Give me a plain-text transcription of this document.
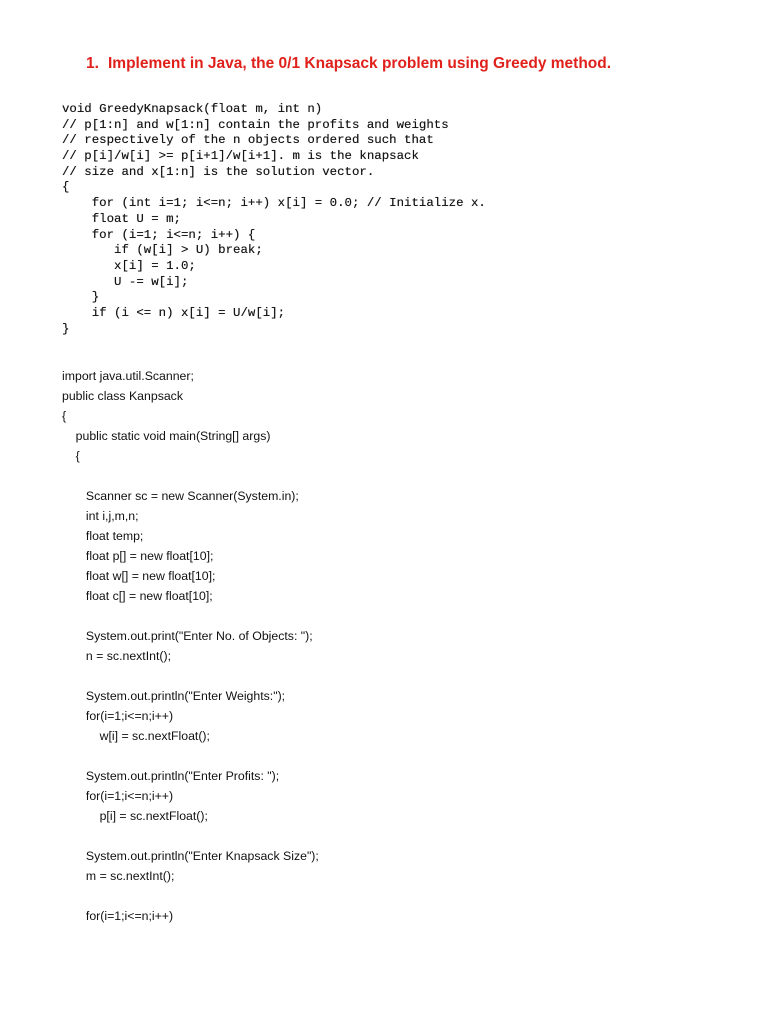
1. Implement in Java, the 0/1 Knapsack problem using Greedy method.
void GreedyKnapsack(float m, int n)
// p[1:n] and w[1:n] contain the profits and weights
// respectively of the n objects ordered such that
// p[i]/w[i] >= p[i+1]/w[i+1]. m is the knapsack
// size and x[1:n] is the solution vector.
{
for (int i=1; i<=n; i++) x[i] = 0.0; // Initialize x.
float U = m;
for (i=1; i<=n; i++) {
if (w[i] > U) break;
x[i] = 1.0;
U -= w[i];
}
if (i <= n) x[i] = U/w[i];
}
import java.util.Scanner;
public class Kanpsack
{
public static void main(String[] args)
{
Scanner sc = new Scanner(System.in);
int i,j,m,n;
float temp;
float p[] = new float[10];
float w[] = new float[10];
float c[] = new float[10];
System.out.print("Enter No. of Objects: ");
n = sc.nextInt();
System.out.println("Enter Weights:");
for(i=1;i<=n;i++)
w[i] = sc.nextFloat();
System.out.println("Enter Profits: ");
for(i=1;i<=n;i++)
p[i] = sc.nextFloat();
System.out.println("Enter Knapsack Size");
m = sc.nextInt();
for(i=1;i<=n;i++)
